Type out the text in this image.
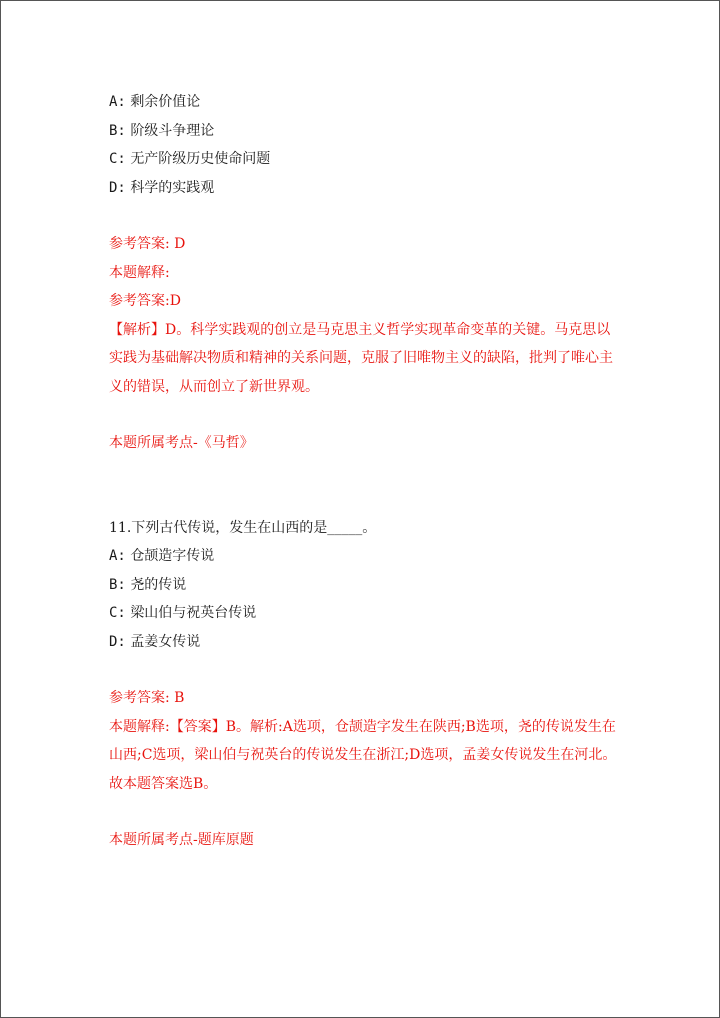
A: 剩余价值论
B: 阶级斗争理论
C: 无产阶级历史使命问题
D: 科学的实践观
参考答案: D
本题解释:
参考答案:D
【解析】D。科学实践观的创立是马克思主义哲学实现革命变革的关键。马克思以实践为基础解决物质和精神的关系问题，克服了旧唯物主义的缺陷，批判了唯心主义的错误，从而创立了新世界观。
本题所属考点-《马哲》
11.下列古代传说，发生在山西的是_____。
A: 仓颉造字传说
B: 尧的传说
C: 梁山伯与祝英台传说
D: 孟姜女传说
参考答案: B
本题解释:【答案】B。解析:A选项，仓颉造字发生在陕西;B选项，尧的传说发生在山西;C选项，梁山伯与祝英台的传说发生在浙江;D选项，孟姜女传说发生在河北。故本题答案选B。
本题所属考点-题库原题
